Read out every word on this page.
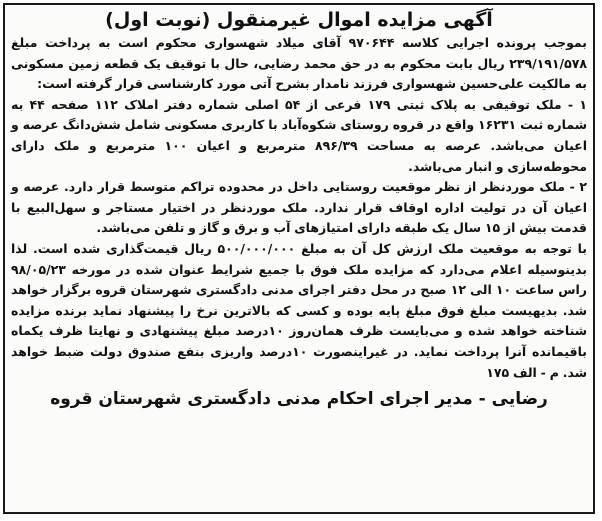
آگهی مزایده اموال غیرمنقول (نوبت اول)

بموجب پرونده اجرایی کلاسه ۹۷۰۶۴۴ آقای میلاد شهسواری محکوم است به پرداخت مبلغ ۲۳۹/۱۹۱/۵۷۸ ریال بابت محکوم به در حق محمد رضایی، حال با توقیف یک قطعه زمین مسکونی به مالکیت علی‌حسین شهسواری فرزند نامدار بشرح آتی مورد کارشناسی قرار گرفته است:

۱ - ملک توقیفی به پلاک ثبتی ۱۷۹ فرعی از ۵۴ اصلی شماره دفتر املاک ۱۱۲ صفحه ۴۴ به شماره ثبت ۱۶۲۳۱ واقع در قروه روستای شکوه‌آباد با کاربری مسکونی شامل شش‌دانگ عرصه و اعیان می‌باشد. عرصه به مساحت ۸۹۶/۳۹ مترمربع و اعیان ۱۰۰ مترمربع و ملک دارای محوطه‌سازی و انبار می‌باشد.

۲ - ملک موردنظر از نظر موقعیت روستایی داخل در محدوده تراکم متوسط قرار دارد. عرصه و اعیان آن در تولیت اداره اوقاف قرار ندارد. ملک موردنظر در اختیار مستاجر و سهل‌البیع با قدمت بیش از ۱۵ سال یک طبقه دارای امتیازهای آب و برق و گاز و تلفن می‌باشد.

با توجه به موقعیت ملک ارزش کل آن به مبلغ ۵۰۰/۰۰۰/۰۰۰ ریال قیمت‌گذاری شده است. لذا بدینوسیله اعلام می‌دارد که مزایده ملک فوق با جمیع شرایط عنوان شده در مورخه ۹۸/۰۵/۲۳ راس ساعت ۱۰ الی ۱۲ صبح در محل دفتر اجرای مدنی دادگستری شهرستان قروه برگزار خواهد شد. بدیهیست مبلغ فوق مبلغ پایه بوده و کسی که بالاترین نرخ را پیشنهاد نماید برنده مزایده شناخته خواهد شده و می‌بایست ظرف همان‌روز ۱۰درصد مبلغ پیشنهادی و نهایتا ظرف یکماه باقیمانده آنرا پرداخت نماید. در غیراینصورت ۱۰درصد واریزی بنفع صندوق دولت ضبط خواهد شد. م - الف ۱۷۵

رضایی - مدیر اجرای احکام مدنی دادگستری شهرستان قروه
